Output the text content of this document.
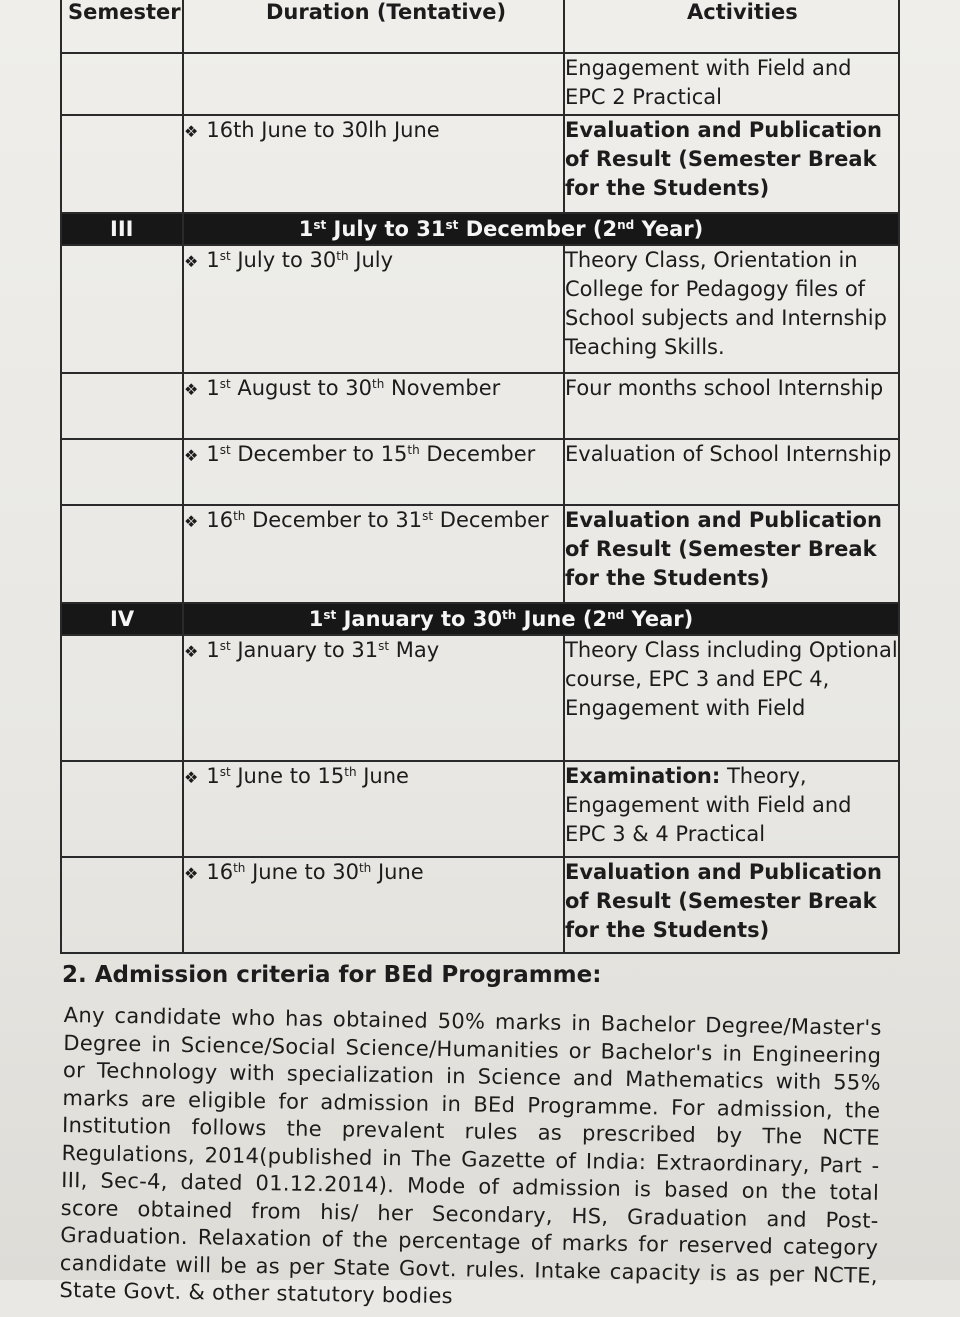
Semester	Duration (Tentative)	Activities
		Engagement with Field and EPC 2 Practical
	❖ 16th June to 30lh June	Evaluation and Publication of Result (Semester Break for the Students)
III	1st July to 31st December (2nd Year)	
	❖ 1st July to 30th July	Theory Class, Orientation in College for Pedagogy files of School subjects and Internship Teaching Skills.
	❖ 1st August to 30th November	Four months school Internship
	❖ 1st December to 15th December	Evaluation of School Internship
	❖ 16th December to 31st December	Evaluation and Publication of Result (Semester Break for the Students)
IV	1st January to 30th June (2nd Year)	
	❖ 1st January to 31st May	Theory Class including Optional course, EPC 3 and EPC 4, Engagement with Field
	❖ 1st June to 15th June	Examination: Theory, Engagement with Field and EPC 3 & 4 Practical
	❖ 16th June to 30th June	Evaluation and Publication of Result (Semester Break for the Students)
2. Admission criteria for BEd Programme:

Any candidate who has obtained 50% marks in Bachelor Degree/Master's Degree in Science/Social Science/Humanities or Bachelor's in Engineering or Technology with specialization in Science and Mathematics with 55% marks are eligible for admission in BEd Programme. For admission, the Institution follows the prevalent rules as prescribed by The NCTE Regulations, 2014(published in The Gazette of India: Extraordinary, Part -III, Sec-4, dated 01.12.2014). Mode of admission is based on the total score obtained from his/ her Secondary, HS, Graduation and Post-Graduation. Relaxation of the percentage of marks for reserved category candidate will be as per State Govt. rules. Intake capacity is as per NCTE, State Govt. & other statutory bodies
